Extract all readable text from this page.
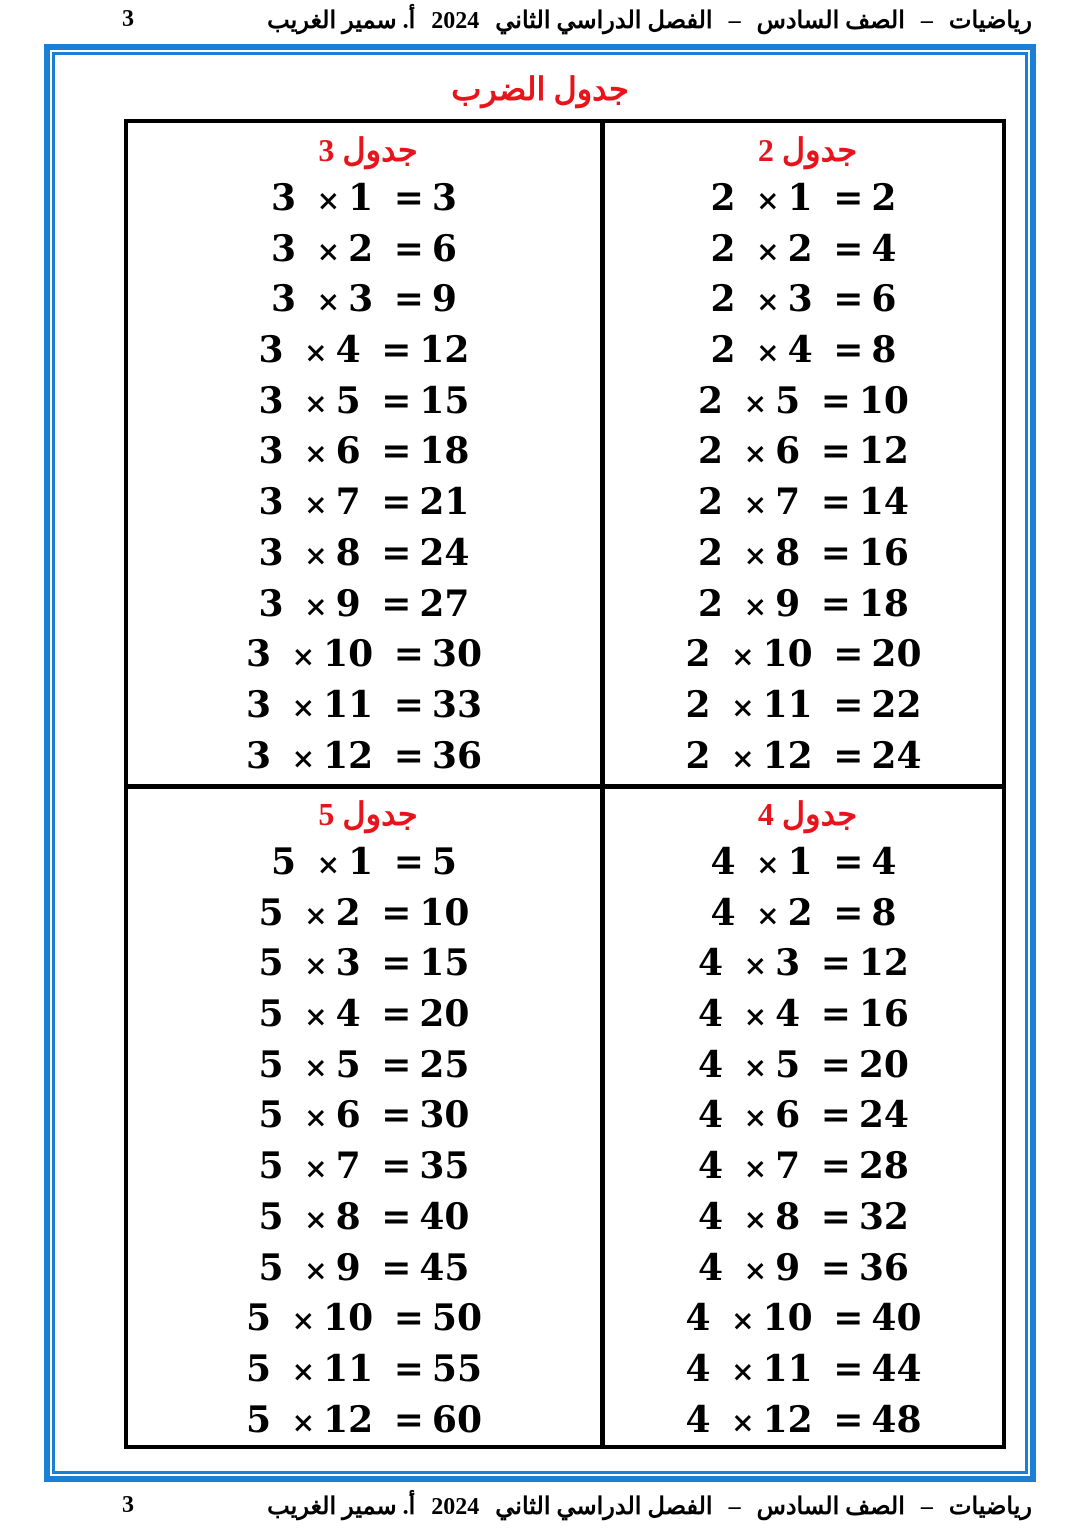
رياضيات – الصف السادس – الفصل الدراسي الثاني 2024 أ. سمير الغريب
3
جدول الضرب
جدول2
2 × 1 = 2
2 × 2 = 4
2 × 3 = 6
2 × 4 = 8
2 × 5 = 10
2 × 6 = 12
2 × 7 = 14
2 × 8 = 16
2 × 9 = 18
2 × 10 = 20
2 × 11 = 22
2 × 12 = 24
جدول3
3 × 1 = 3
3 × 2 = 6
3 × 3 = 9
3 × 4 = 12
3 × 5 = 15
3 × 6 = 18
3 × 7 = 21
3 × 8 = 24
3 × 9 = 27
3 × 10 = 30
3 × 11 = 33
3 × 12 = 36
جدول4
4 × 1 = 4
4 × 2 = 8
4 × 3 = 12
4 × 4 = 16
4 × 5 = 20
4 × 6 = 24
4 × 7 = 28
4 × 8 = 32
4 × 9 = 36
4 × 10 = 40
4 × 11 = 44
4 × 12 = 48
جدول5
5 × 1 = 5
5 × 2 = 10
5 × 3 = 15
5 × 4 = 20
5 × 5 = 25
5 × 6 = 30
5 × 7 = 35
5 × 8 = 40
5 × 9 = 45
5 × 10 = 50
5 × 11 = 55
5 × 12 = 60
رياضيات – الصف السادس – الفصل الدراسي الثاني 2024 أ. سمير الغريب
3
